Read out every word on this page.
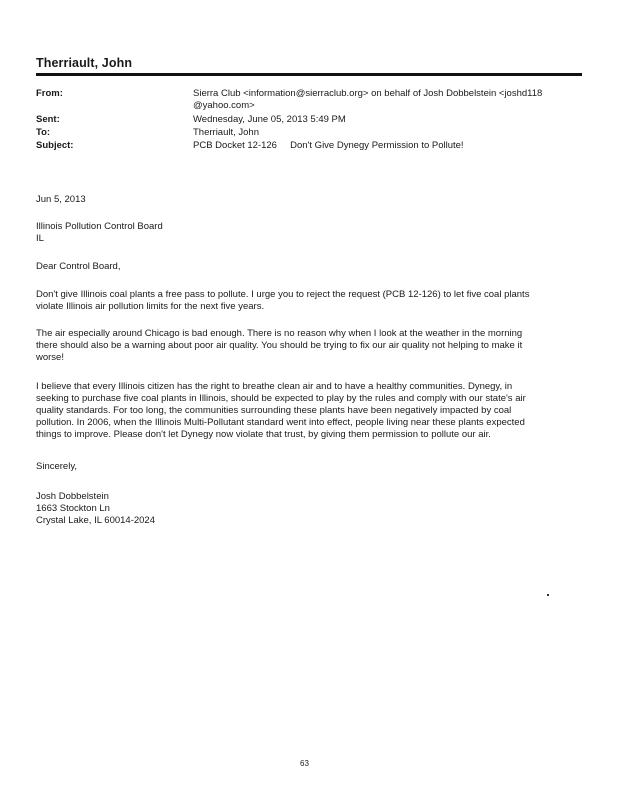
Therriault, John
From:	Sierra Club <information@sierraclub.org> on behalf of Josh Dobbelstein <joshd118
@yahoo.com>
Sent:	Wednesday, June 05, 2013 5:49 PM
To:	Therriault, John
Subject:	PCB Docket 12-126     Don't Give Dynegy Permission to Pollute!
Jun 5, 2013
Illinois Pollution Control Board
IL
Dear Control Board,
Don't give Illinois coal plants a free pass to pollute. I urge you to reject the request (PCB 12-126) to let five coal plants
violate Illinois air pollution limits for the next five years.
The air especially around Chicago is bad enough. There is no reason why when I look at the weather in the morning
there should also be a warning about poor air quality. You should be trying to fix our air quality not helping to make it
worse!
I believe that every Illinois citizen has the right to breathe clean air and to have a healthy communities. Dynegy, in
seeking to purchase five coal plants in Illinois, should be expected to play by the rules and comply with our state's air
quality standards. For too long, the communities surrounding these plants have been negatively impacted by coal
pollution. In 2006, when the Illinois Multi-Pollutant standard went into effect, people living near these plants expected
things to improve. Please don't let Dynegy now violate that trust, by giving them permission to pollute our air.
Sincerely,
Josh Dobbelstein
1663 Stockton Ln
Crystal Lake, IL 60014-2024
63
